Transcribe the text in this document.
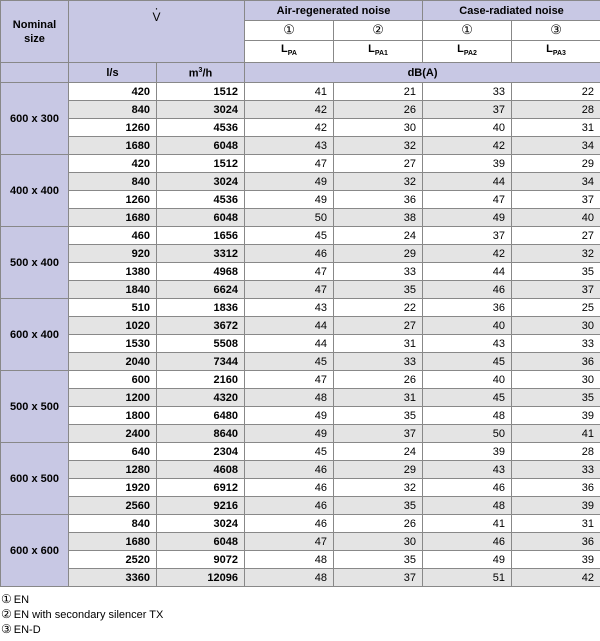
Nominal size	· V		Air-regenerated noise		Case-radiated noise	
			①	②	①	③
			$L_{PA}$	$L_{PA1}$	$L_{PA2}$	$L_{PA3}$
	l/s	$m^3/h$	dB(A)			
600 x 300	420	1512	41	21	33	22
	840	3024	42	26	37	28
	1260	4536	42	30	40	31
	1680	6048	43	32	42	34
400 x 400	420	1512	47	27	39	29
	840	3024	49	32	44	34
	1260	4536	49	36	47	37
	1680	6048	50	38	49	40
500 x 400	460	1656	45	24	37	27
	920	3312	46	29	42	32
	1380	4968	47	33	44	35
	1840	6624	47	35	46	37
600 x 400	510	1836	43	22	36	25
	1020	3672	44	27	40	30
	1530	5508	44	31	43	33
	2040	7344	45	33	45	36
500 x 500	600	2160	47	26	40	30
	1200	4320	48	31	45	35
	1800	6480	49	35	48	39
	2400	8640	49	37	50	41
600 x 500	640	2304	45	24	39	28
	1280	4608	46	29	43	33
	1920	6912	46	32	46	36
	2560	9216	46	35	48	39
600 x 600	840	3024	46	26	41	31
	1680	6048	47	30	46	36
	2520	9072	48	35	49	39
	3360	12096	48	37	51	42
① EN
② EN with secondary silencer TX
③ EN-D
